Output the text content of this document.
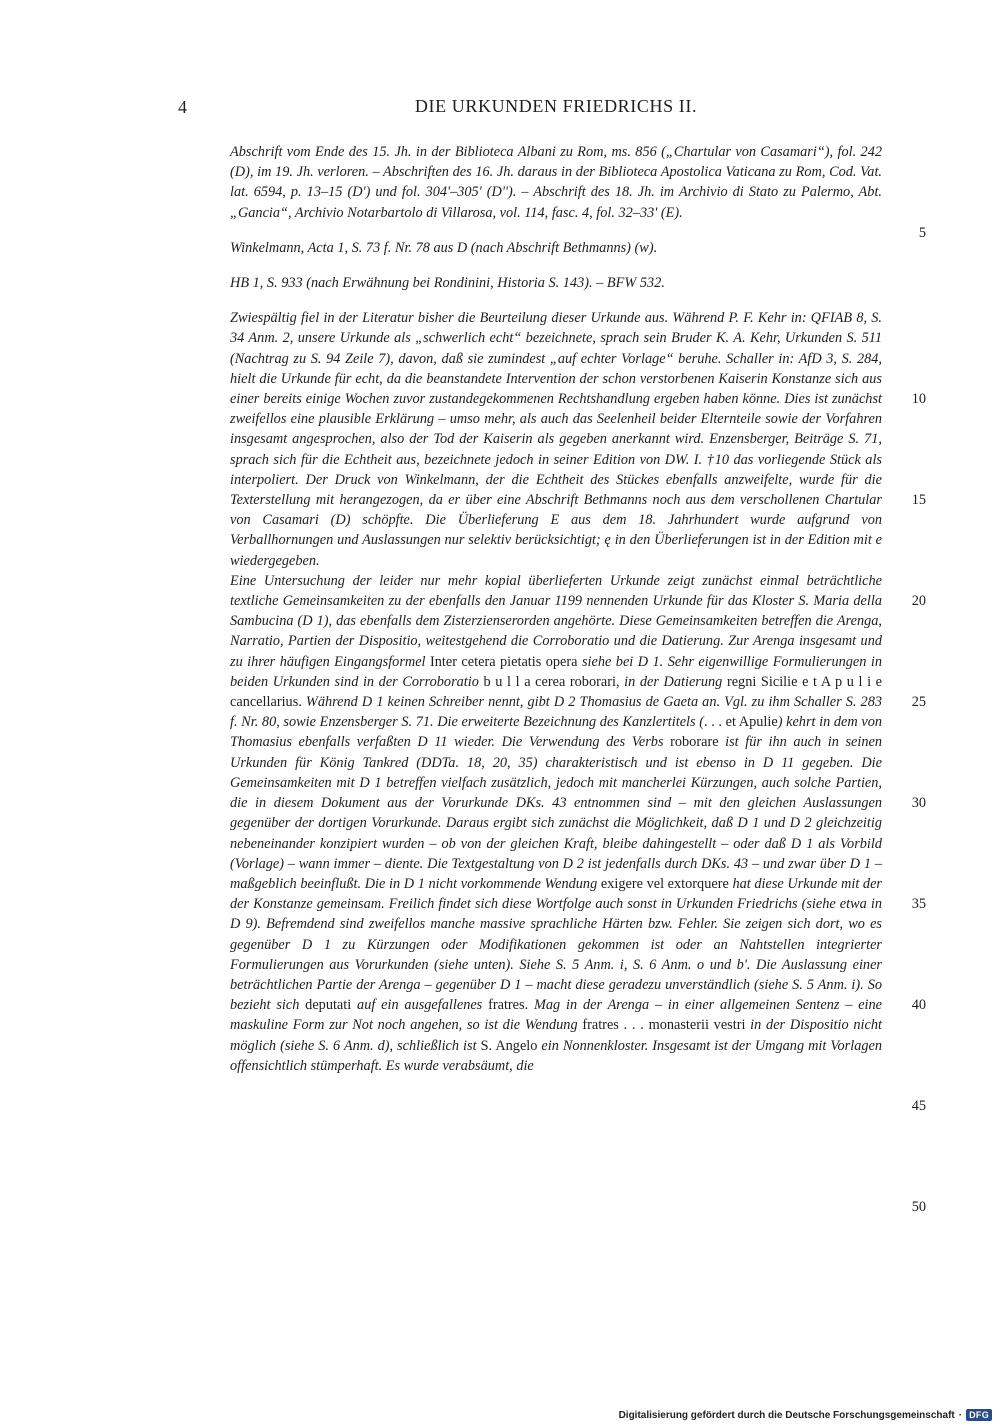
4	DIE URKUNDEN FRIEDRICHS II.

Abschrift vom Ende des 15. Jh. in der Biblioteca Albani zu Rom, ms. 856 („Chartular von Casamari“), fol. 242 (D), im 19. Jh. verloren. – Abschriften des 16. Jh. daraus in der Biblioteca Apostolica Vaticana zu Rom, Cod. Vat. lat. 6594, p. 13–15 (D') und fol. 304'–305' (D''). – Abschrift des 18. Jh. im Archivio di Stato zu Palermo, Abt. „Gancia“, Archivio Notarbartolo di Villarosa, vol. 114, fasc. 4, fol. 32–33' (E).

Winkelmann, Acta 1, S. 73 f. Nr. 78 aus D (nach Abschrift Bethmanns) (w).

HB 1, S. 933 (nach Erwähnung bei Rondinini, Historia S. 143). – BFW 532.

Zwiespältig fiel in der Literatur bisher die Beurteilung dieser Urkunde aus. Während P. F. Kehr in: QFIAB 8, S. 34 Anm. 2, unsere Urkunde als „schwerlich echt“ bezeichnete, sprach sein Bruder K. A. Kehr, Urkunden S. 511 (Nachtrag zu S. 94 Zeile 7), davon, daß sie zumindest „auf echter Vorlage“ beruhe. Schaller in: AfD 3, S. 284, hielt die Urkunde für echt, da die beanstandete Intervention der schon verstorbenen Kaiserin Konstanze sich aus einer bereits einige Wochen zuvor zustandegekommenen Rechtshandlung ergeben haben könne. Dies ist zunächst zweifellos eine plausible Erklärung – umso mehr, als auch das Seelenheil beider Elternteile sowie der Vorfahren insgesamt angesprochen, also der Tod der Kaiserin als gegeben anerkannt wird. Enzensberger, Beiträge S. 71, sprach sich für die Echtheit aus, bezeichnete jedoch in seiner Edition von DW. I. †10 das vorliegende Stück als interpoliert. Der Druck von Winkelmann, der die Echtheit des Stückes ebenfalls anzweifelte, wurde für die Texterstellung mit herangezogen, da er über eine Abschrift Bethmanns noch aus dem verschollenen Chartular von Casamari (D) schöpfte. Die Überlieferung E aus dem 18. Jahrhundert wurde aufgrund von Verballhornungen und Auslassungen nur selektiv berücksichtigt; ę in den Überlieferungen ist in der Edition mit e wiedergegeben.

Eine Untersuchung der leider nur mehr kopial überlieferten Urkunde zeigt zunächst einmal beträchtliche textliche Gemeinsamkeiten zu der ebenfalls den Januar 1199 nennenden Urkunde für das Kloster S. Maria della Sambucina (D 1), das ebenfalls dem Zisterzienserorden angehörte. Diese Gemeinsamkeiten betreffen die Arenga, Narratio, Partien der Dispositio, weitestgehend die Corroboratio und die Datierung. Zur Arenga insgesamt und zu ihrer häufigen Eingangsformel Inter cetera pietatis opera siehe bei D 1. Sehr eigenwillige Formulierungen in beiden Urkunden sind in der Corroboratio b u l l a cerea roborari, in der Datierung regni Sicilie e t A p u l i e cancellarius. Während D 1 keinen Schreiber nennt, gibt D 2 Thomasius de Gaeta an. Vgl. zu ihm Schaller S. 283 f. Nr. 80, sowie Enzensberger S. 71. Die erweiterte Bezeichnung des Kanzlertitels (. . . et Apulie) kehrt in dem von Thomasius ebenfalls verfaßten D 11 wieder. Die Verwendung des Verbs roborare ist für ihn auch in seinen Urkunden für König Tankred (DDTa. 18, 20, 35) charakteristisch und ist ebenso in D 11 gegeben. Die Gemeinsamkeiten mit D 1 betreffen vielfach zusätzlich, jedoch mit mancherlei Kürzungen, auch solche Partien, die in diesem Dokument aus der Vorurkunde DKs. 43 entnommen sind – mit den gleichen Auslassungen gegenüber der dortigen Vorurkunde. Daraus ergibt sich zunächst die Möglichkeit, daß D 1 und D 2 gleichzeitig nebeneinander konzipiert wurden – ob von der gleichen Kraft, bleibe dahingestellt – oder daß D 1 als Vorbild (Vorlage) – wann immer – diente. Die Textgestaltung von D 2 ist jedenfalls durch DKs. 43 – und zwar über D 1 – maßgeblich beeinflußt. Die in D 1 nicht vorkommende Wendung exigere vel extorquere hat diese Urkunde mit der der Konstanze gemeinsam. Freilich findet sich diese Wortfolge auch sonst in Urkunden Friedrichs (siehe etwa in D 9). Befremdend sind zweifellos manche massive sprachliche Härten bzw. Fehler. Sie zeigen sich dort, wo es gegenüber D 1 zu Kürzungen oder Modifikationen gekommen ist oder an Nahtstellen integrierter Formulierungen aus Vorurkunden (siehe unten). Siehe S. 5 Anm. i, S. 6 Anm. o und b'. Die Auslassung einer beträchtlichen Partie der Arenga – gegenüber D 1 – macht diese geradezu unverständlich (siehe S. 5 Anm. i). So bezieht sich deputati auf ein ausgefallenes fratres. Mag in der Arenga – in einer allgemeinen Sentenz – eine maskuline Form zur Not noch angehen, so ist die Wendung fratres . . . monasterii vestri in der Dispositio nicht möglich (siehe S. 6 Anm. d), schließlich ist S. Angelo ein Nonnenkloster. Insgesamt ist der Umgang mit Vorlagen offensichtlich stümperhaft. Es wurde verabsäumt, die

5
10
15
20
25
30
35
40
45
50
Digitalisierung gefördert durch die Deutsche Forschungsgemeinschaft · DFG
